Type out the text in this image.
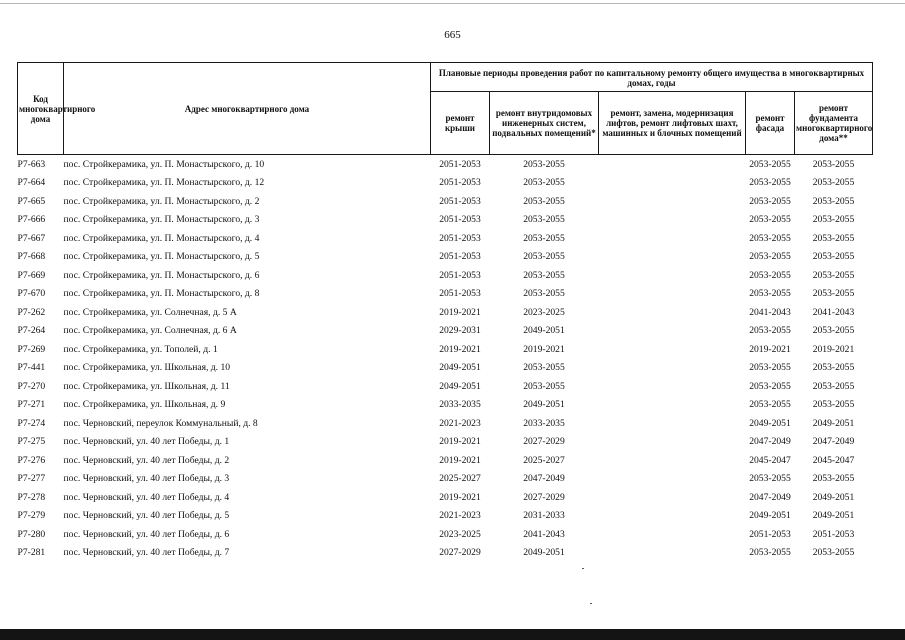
665
Код многоквартирного дома	Адрес многоквартирного дома	Плановые периоды проведения работ по капитальному ремонту общего имущества в многоквартирных домах, годы				
		ремонт крыши	ремонт внутридомовых инженерных систем, подвальных помещений*	ремонт, замена, модернизация лифтов, ремонт лифтовых шахт, машинных и блочных помещений	ремонт фасада	ремонт фундамента многоквартирного дома**
Р7-663	пос. Стройкерамика, ул. П. Монастырского, д. 10	2051-2053	2053-2055		2053-2055	2053-2055
Р7-664	пос. Стройкерамика, ул. П. Монастырского, д. 12	2051-2053	2053-2055		2053-2055	2053-2055
Р7-665	пос. Стройкерамика, ул. П. Монастырского, д. 2	2051-2053	2053-2055		2053-2055	2053-2055
Р7-666	пос. Стройкерамика, ул. П. Монастырского, д. 3	2051-2053	2053-2055		2053-2055	2053-2055
Р7-667	пос. Стройкерамика, ул. П. Монастырского, д. 4	2051-2053	2053-2055		2053-2055	2053-2055
Р7-668	пос. Стройкерамика, ул. П. Монастырского, д. 5	2051-2053	2053-2055		2053-2055	2053-2055
Р7-669	пос. Стройкерамика, ул. П. Монастырского, д. 6	2051-2053	2053-2055		2053-2055	2053-2055
Р7-670	пос. Стройкерамика, ул. П. Монастырского, д. 8	2051-2053	2053-2055		2053-2055	2053-2055
Р7-262	пос. Стройкерамика, ул. Солнечная, д. 5 А	2019-2021	2023-2025		2041-2043	2041-2043
Р7-264	пос. Стройкерамика, ул. Солнечная, д. 6 А	2029-2031	2049-2051		2053-2055	2053-2055
Р7-269	пос. Стройкерамика, ул. Тополей, д. 1	2019-2021	2019-2021		2019-2021	2019-2021
Р7-441	пос. Стройкерамика, ул. Школьная, д. 10	2049-2051	2053-2055		2053-2055	2053-2055
Р7-270	пос. Стройкерамика, ул. Школьная, д. 11	2049-2051	2053-2055		2053-2055	2053-2055
Р7-271	пос. Стройкерамика, ул. Школьная, д. 9	2033-2035	2049-2051		2053-2055	2053-2055
Р7-274	пос. Черновский, переулок Коммунальный, д. 8	2021-2023	2033-2035		2049-2051	2049-2051
Р7-275	пос. Черновский, ул. 40 лет Победы, д. 1	2019-2021	2027-2029		2047-2049	2047-2049
Р7-276	пос. Черновский, ул. 40 лет Победы, д. 2	2019-2021	2025-2027		2045-2047	2045-2047
Р7-277	пос. Черновский, ул. 40 лет Победы, д. 3	2025-2027	2047-2049		2053-2055	2053-2055
Р7-278	пос. Черновский, ул. 40 лет Победы, д. 4	2019-2021	2027-2029		2047-2049	2049-2051
Р7-279	пос. Черновский, ул. 40 лет Победы, д. 5	2021-2023	2031-2033		2049-2051	2049-2051
Р7-280	пос. Черновский, ул. 40 лет Победы, д. 6	2023-2025	2041-2043		2051-2053	2051-2053
Р7-281	пос. Черновский, ул. 40 лет Победы, д. 7	2027-2029	2049-2051		2053-2055	2053-2055
